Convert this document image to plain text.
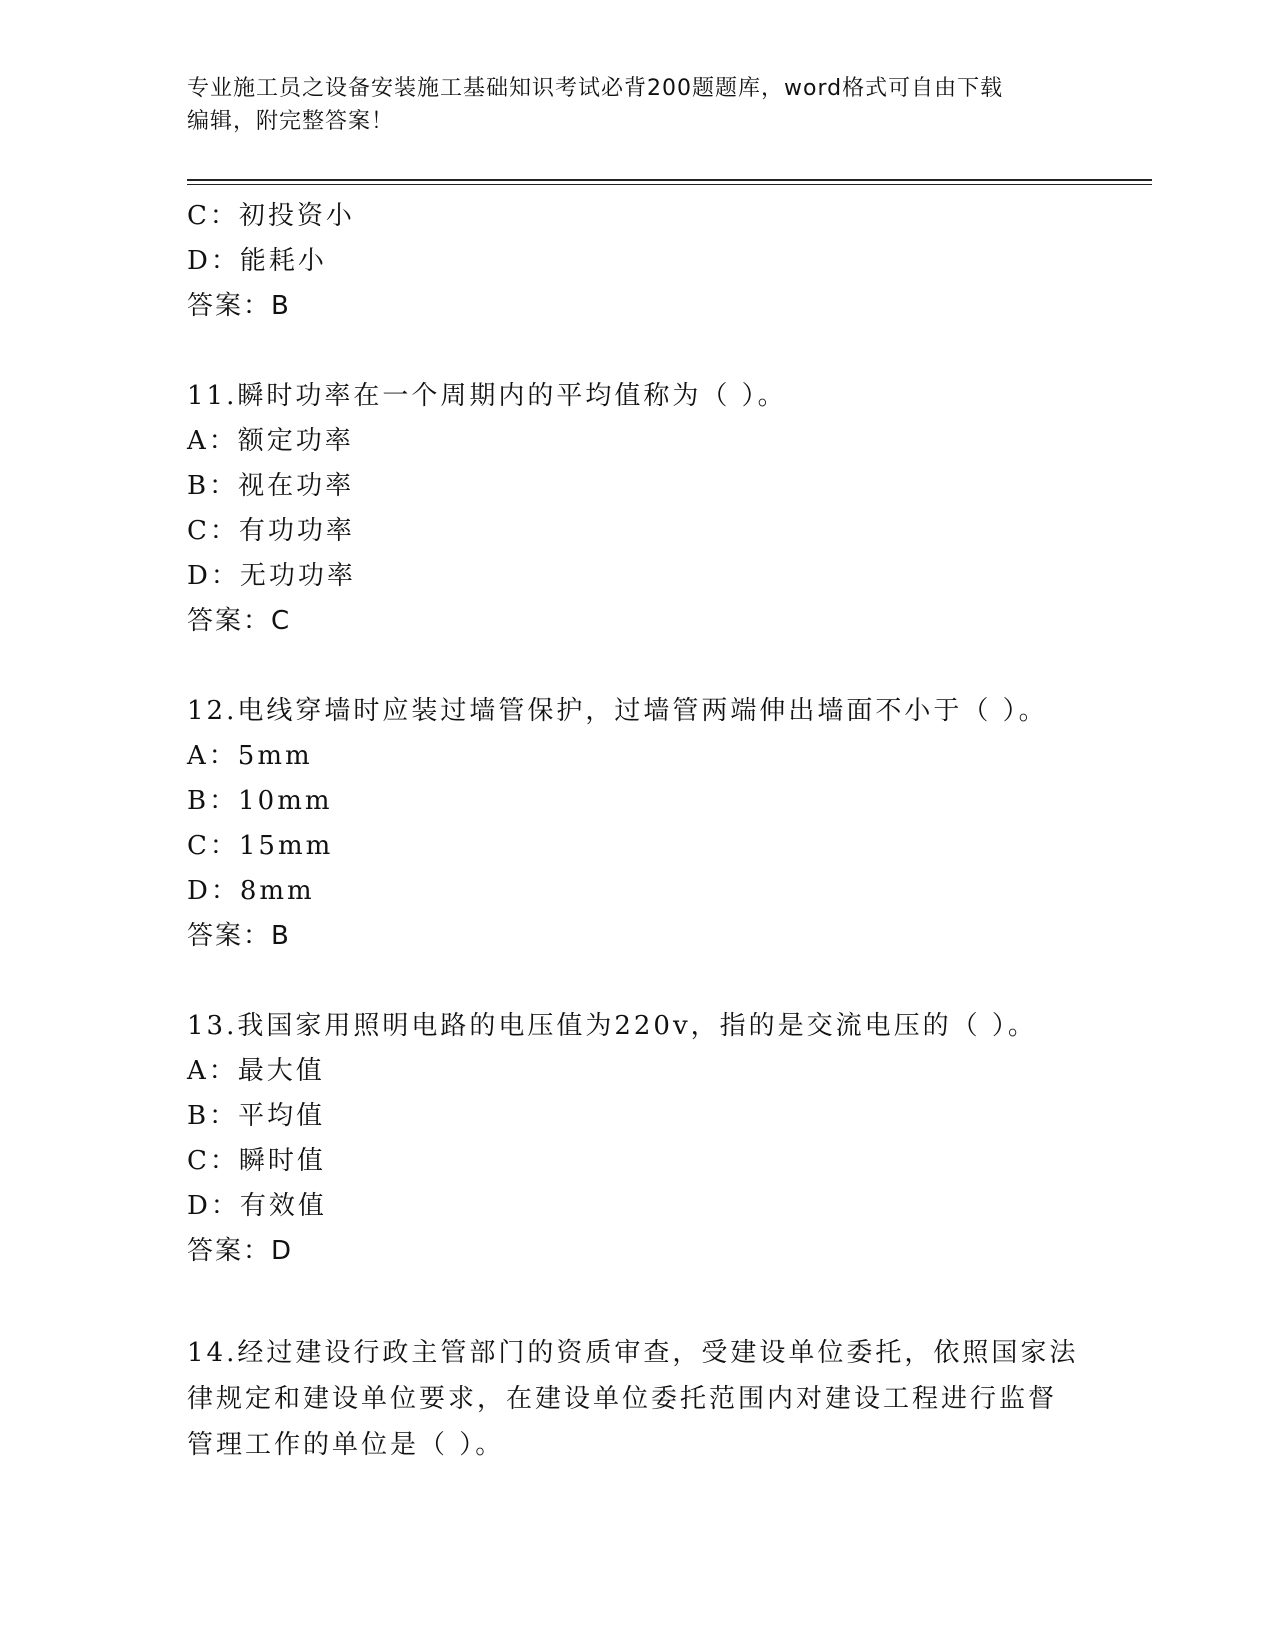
专业施工员之设备安装施工基础知识考试必背200题题库，word格式可自由下载
编辑，附完整答案！
C：初投资小
D：能耗小
答案：B
11.瞬时功率在一个周期内的平均值称为（ ）。
A：额定功率
B：视在功率
C：有功功率
D：无功功率
答案：C
12.电线穿墙时应装过墙管保护，过墙管两端伸出墙面不小于（ ）。
A：5mm
B：10mm
C：15mm
D：8mm
答案：B
13.我国家用照明电路的电压值为220v，指的是交流电压的（ ）。
A：最大值
B：平均值
C：瞬时值
D：有效值
答案：D
14.经过建设行政主管部门的资质审查，受建设单位委托，依照国家法
律规定和建设单位要求，在建设单位委托范围内对建设工程进行监督
管理工作的单位是（ ）。
